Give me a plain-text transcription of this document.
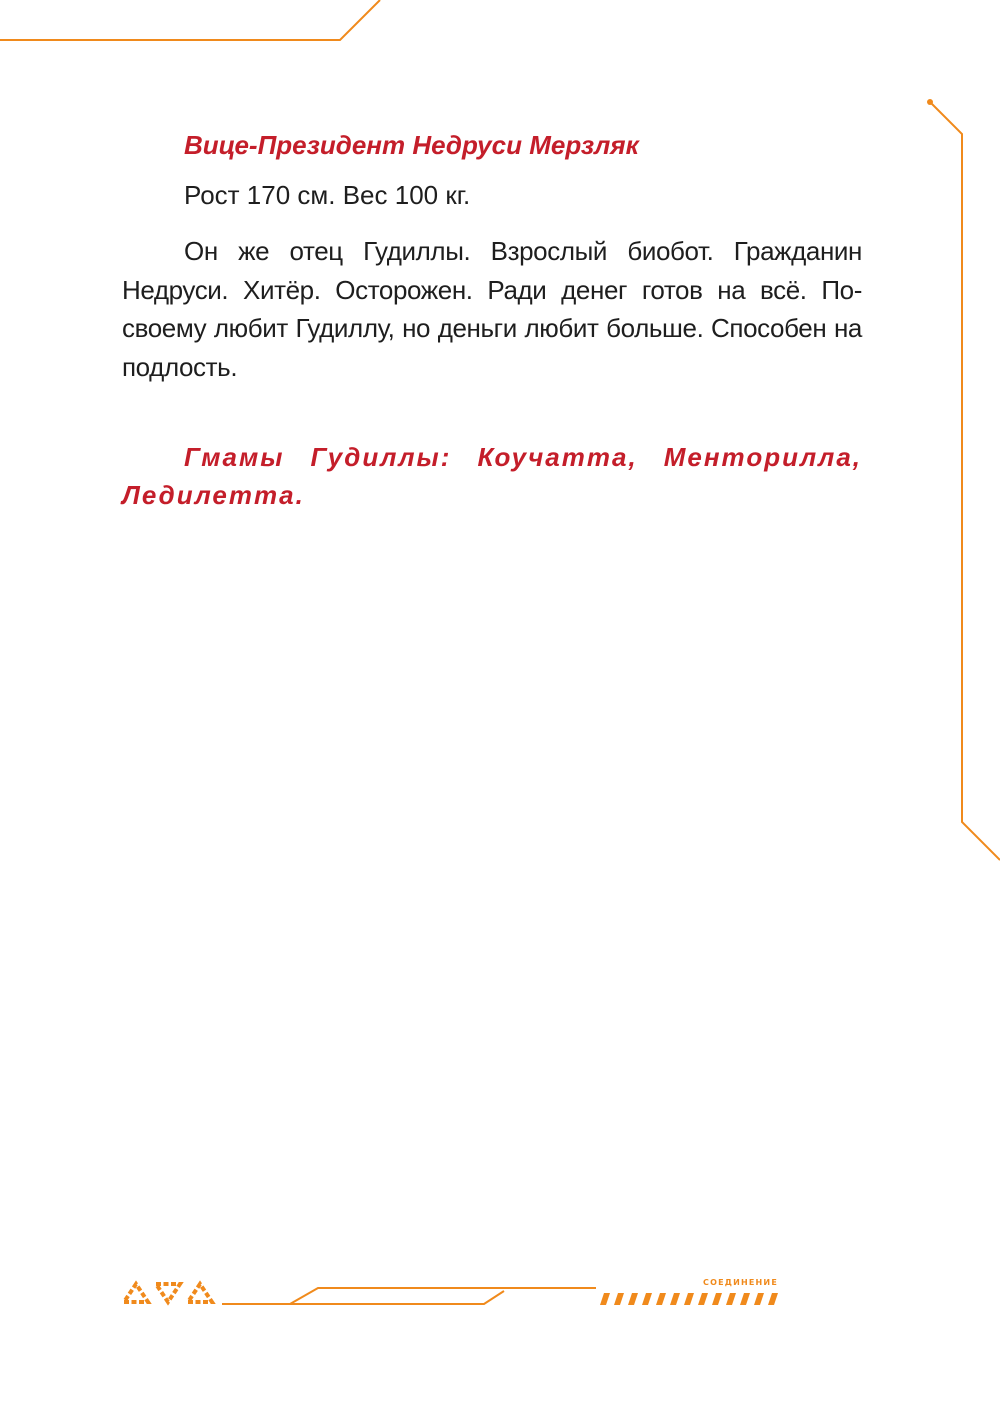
Вице-Президент Недруси Мерзляк

Рост 170 см. Вес 100 кг.

Он же отец Гудиллы. Взрослый биобот. Гражданин Недруси. Хитёр. Осторожен. Ради денег готов на всё. По-своему любит Гудиллу, но деньги любит больше. Способен на подлость.

Гмамы Гудиллы: Коучатта, Менторилла, Ледилетта.

СОЕДИНЕНИЕ
